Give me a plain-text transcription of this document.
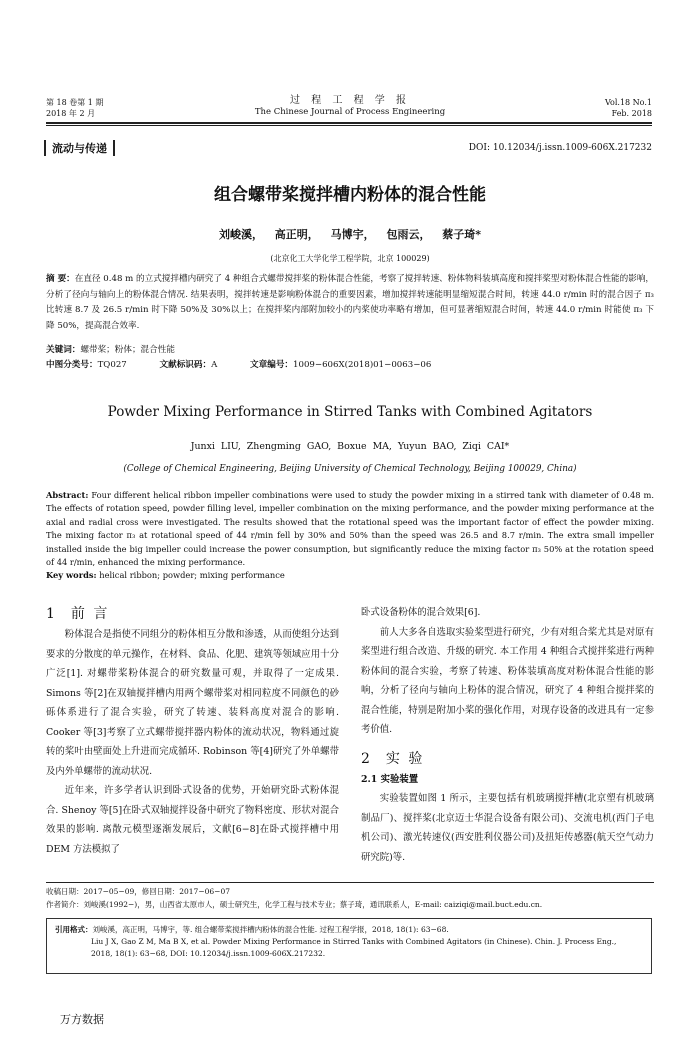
第 18 卷第 1 期
2018 年 2 月
过 程 工 程 学 报
The Chinese Journal of Process Engineering
Vol.18 No.1
Feb. 2018
流动与传递	DOI: 10.12034/j.issn.1009-606X.217232
组合螺带桨搅拌槽内粉体的混合性能
刘峻溪， 高正明， 马博宇， 包雨云， 蔡子琦*
(北京化工大学化学工程学院，北京 100029)
摘 要：在直径 0.48 m 的立式搅拌槽内研究了 4 种组合式螺带搅拌桨的粉体混合性能，考察了搅拌转速、粉体物料装填高度和搅拌桨型对粉体混合性能的影响，分析了径向与轴向上的粉体混合情况. 结果表明，搅拌转速是影响粉体混合的重要因素，增加搅拌转速能明显缩短混合时间，转速 44.0 r/min 时的混合因子 π₃ 比转速 8.7 及 26.5 r/min 时下降 50%及 30%以上；在搅拌桨内部附加较小的内桨使功率略有增加，但可显著缩短混合时间，转速 44.0 r/min 时能使 π₃ 下降 50%，提高混合效率.
关键词：螺带桨；粉体；混合性能
中图分类号：TQ027	文献标识码：A	文章编号：1009−606X(2018)01−0063−06
Powder Mixing Performance in Stirred Tanks with Combined Agitators
Junxi LIU, Zhengming GAO, Boxue MA, Yuyun BAO, Ziqi CAI*
(College of Chemical Engineering, Beijing University of Chemical Technology, Beijing 100029, China)
Abstract: Four different helical ribbon impeller combinations were used to study the powder mixing in a stirred tank with diameter of 0.48 m. The effects of rotation speed, powder filling level, impeller combination on the mixing performance, and the powder mixing performance at the axial and radial cross were investigated. The results showed that the rotational speed was the important factor of effect the powder mixing. The mixing factor π₃ at rotational speed of 44 r/min fell by 30% and 50% than the speed was 26.5 and 8.7 r/min. The extra small impeller installed inside the big impeller could increase the power consumption, but significantly reduce the mixing factor π₃ 50% at the rotation speed of 44 r/min, enhanced the mixing performance.
Key words: helical ribbon; powder; mixing performance

1 前 言

粉体混合是指使不同组分的粉体相互分散和渗透，从而使组分达到要求的分散度的单元操作，在材料、食品、化肥、建筑等领域应用十分广泛[1]. 对螺带桨粉体混合的研究数量可观，并取得了一定成果. Simons 等[2]在双轴搅拌槽内用两个螺带桨对相同粒度不同颜色的砂砾体系进行了混合实验，研究了转速、装料高度对混合的影响. Cooker 等[3]考察了立式螺带搅拌器内粉体的流动状况，物料通过旋转的桨叶由壁面处上升进而完成循环. Robinson 等[4]研究了外单螺带及内外单螺带的流动状况.

近年来，许多学者认识到卧式设备的优势，开始研究卧式粉体混合. Shenoy 等[5]在卧式双轴搅拌设备中研究了物料密度、形状对混合效果的影响. 离散元模型逐渐发展后，文献[6−8]在卧式搅拌槽中用 DEM 方法模拟了

卧式设备粉体的混合效果[6].

前人大多各自选取实验桨型进行研究，少有对组合桨尤其是对原有桨型进行组合改造、升级的研究. 本工作用 4 种组合式搅拌桨进行两种粉体间的混合实验，考察了转速、粉体装填高度对粉体混合性能的影响，分析了径向与轴向上粉体的混合情况，研究了 4 种组合搅拌桨的混合性能，特别是附加小桨的强化作用，对现存设备的改进具有一定参考价值.

2 实 验

2.1 实验装置

实验装置如图 1 所示，主要包括有机玻璃搅拌槽(北京塑有机玻璃制品厂)、搅拌桨(北京迈士华混合设备有限公司)、交流电机(西门子电机公司)、激光转速仪(西安胜利仪器公司)及扭矩传感器(航天空气动力研究院)等.

收稿日期：2017−05−09，修回日期：2017−06−07
作者简介：刘峻溪(1992−)，男，山西省太原市人，硕士研究生，化学工程与技术专业；蔡子琦，通讯联系人，E-mail: caiziqi@mail.buct.edu.cn.
引用格式：刘峻溪，高正明，马博宇，等. 组合螺带桨搅拌槽内粉体的混合性能. 过程工程学报，2018, 18(1): 63−68.
Liu J X, Gao Z M, Ma B X, et al. Powder Mixing Performance in Stirred Tanks with Combined Agitators (in Chinese). Chin. J. Process Eng.,
2018, 18(1): 63−68, DOI: 10.12034/j.issn.1009-606X.217232.
万方数据
